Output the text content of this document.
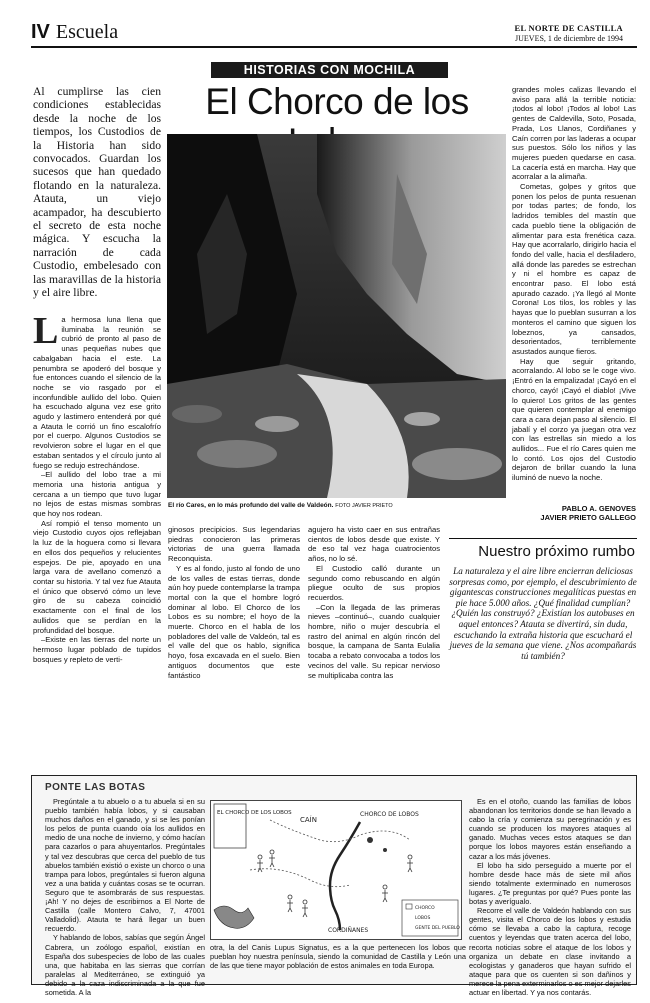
IV Escuela	EL NORTE DE CASTILLA
JUEVES, 1 de diciembre de 1994
HISTORIAS CON MOCHILA
El Chorco de los
Al cumplirse las cien condiciones establecidas desde la noche de los tiempos, los Custodios de la Historia han sido convocados. Guardan los sucesos que han quedado flotando en la naturaleza. Atauta, un viejo acampador, ha descubierto el secreto de esta noche mágica. Y escucha la narración de cada Custodio, embelesado con las maravillas de la historia y el aire libre.

La hermosa luna llena que iluminaba la reunión se cubrió de pronto al paso de unas pequeñas nubes que cabalgaban hacia el este. La penumbra se apoderó del bosque y fue entonces cuando el silencio de la noche se vio rasgado por el inconfundible aullido del lobo. Quien ha escuchado alguna vez ese grito agudo y lastimero entenderá por qué a Atauta le corrió un fino escalofrío por el cuerpo. Algunos Custodios se revolvieron sobre el lugar en el que estaban sentados y el círculo junto al fuego se redujo estrechándose.

–El aullido del lobo trae a mi memoria una historia antigua y cercana a un tiempo que tuvo lugar no lejos de estas mismas sombras que hoy nos rodean.

Así rompió el tenso momento un viejo Custodio cuyos ojos reflejaban la luz de la hoguera como si llevara en ellos dos pequeños y relucientes espejos. De pie, apoyado en una larga vara de avellano comenzó a contar su historia. Y tal vez fue Atauta el único que observó cómo un leve giro de su cabeza coincidió exactamente con el final de los aullidos que se perdían en la profundidad del bosque.

–Existe en las tierras del norte un hermoso lugar poblado de tupidos bosques y repleto de verti-

El río Cares, en lo más profundo del valle de Valdeón. FOTO JAVIER PRIETO

ginosos precipicios. Sus legendarias piedras conocieron las primeras victorias de una guerra llamada Reconquista.

Y es al fondo, justo al fondo de uno de los valles de estas tierras, donde aún hoy puede contemplarse la trampa mortal con la que el hombre logró dominar al lobo. El Chorco de los Lobos es su nombre; el hoyo de la muerte. Chorco en el habla de los pobladores del valle de Valdeón, tal es el valle del que os hablo, significa hoyo, fosa excavada en el suelo. Bien antiguos documentos que este fantástico

agujero ha visto caer en sus entrañas cientos de lobos desde que existe. Y de eso tal vez haga cuatrocientos años, no lo sé.

El Custodio calló durante un segundo como rebuscando en algún pliegue oculto de sus propios recuerdos.

–Con la llegada de las primeras nieves –continuó–, cuando cualquier hombre, niño o mujer descubría el rastro del animal en algún rincón del bosque, la campana de Santa Eulalia tocaba a rebato convocaba a todos los vecinos del valle. Su repicar nervioso se multiplicaba contra las

grandes moles calizas llevando el aviso para allá la terrible noticia: ¡todos al lobo! ¡Todos al lobo! Las gentes de Caldevilla, Soto, Posada, Prada, Los Llanos, Cordiñanes y Caín corren por las laderas a ocupar sus puestos. Sólo los niños y las mujeres pueden quedarse en casa. La cacería está en marcha. Hay que acorralar a la alimaña.

Cometas, golpes y gritos que ponen los pelos de punta resuenan por todas partes; de fondo, los ladridos temibles del mastín que cada pueblo tiene la obligación de alimentar para esta frenética caza. Hay que acorralarlo, dirigirlo hacia el fondo del valle, hacia el desfiladero, allá donde las paredes se estrechan y ni el hombre es capaz de encontrar paso. El lobo está apurado cazado. ¡Ya llegó al Monte Corona! Los tilos, los robles y las hayas que lo pueblan susurran a los monteros el camino que siguen los lobeznos, ya cansados, desorientados, terriblemente asustados aunque fieros.

Hay que seguir gritando, acorralando. Al lobo se le coge vivo. ¡Entró en la empalizada! ¡Cayó en el chorco, cayó! ¡Cayó el diablo! ¡Vive lo quiero! Los gritos de las gentes que quieren contemplar al enemigo cara a cara dejan paso al silencio. El jabalí y el corzo ya juegan otra vez con las estrellas sin miedo a los aullidos... Fue el río Cares quien me lo contó. Los ojos del Custodio dejaron de brillar cuando la luna iluminó de nuevo la noche.

PABLO A. GENOVES
JAVIER PRIETO GALLEGO
Nuestro próximo rumbo
La naturaleza y el aire libre encierran deliciosas sorpresas como, por ejemplo, el descubrimiento de gigantescas construcciones megalíticas puestas en pie hace 5.000 años. ¿Qué finalidad cumplían? ¿Quién las construyó? ¿Existían los autobuses en aquel entonces? Atauta se divertirá, sin duda, escuchando la extraña historia que escuchará el jueves de la semana que viene. ¿Nos acompañarás tú también?
PONTE LAS BOTAS

Pregúntale a tu abuelo o a tu abuela si en su pueblo también había lobos, y si causaban muchos daños en el ganado, y si se les ponían los pelos de punta cuando oía los aullidos en medio de una noche de invierno, y cómo hacían para cazarlos o para ahuyentarlos. Pregúntales y tal vez descubras que cerca del pueblo de tus abuelos también existió o existe un chorco o una trampa para lobos, pregúntales si fueron alguna vez a una batida y cuántas cosas se te ocurran. Seguro que te asombrarás de sus respuestas. ¡Ah! Y no dejes de escribirnos a El Norte de Castilla (calle Montero Calvo, 7, 47001 Valladolid). Atauta te hará llegar un buen recuerdo.

Y hablando de lobos, sabías que según Ángel Cabrera, un zoólogo español, existían en España dos subespecies de lobo de las cuales una, que habitaba en las sierras que corrían paralelas al Mediterráneo, se extinguió ya debido a la caza indiscriminada a la que fue sometida. A la

EL CHORCO DE LOS LOBOS
CAÍN
CHORCO DE LOBOS
CORDIÑANES
CHORCO
LOBOS
GENTE DEL PUEBLO
otra, la del Canis Lupus Signatus, es a la que pertenecen los lobos que pueblan hoy nuestra península, siendo la comunidad de Castilla y León una de las que tiene mayor población de estos animales en toda Europa.

Es en el otoño, cuando las familias de lobos abandonan los territorios donde se han llevado a cabo la cría y comienza su peregrinación y es cuando se producen los mayores ataques al ganado. Muchas veces estos ataques se dan porque los lobos mayores están enseñando a cazar a los más jóvenes.

El lobo ha sido perseguido a muerte por el hombre desde hace más de siete mil años siendo totalmente exterminado en numerosos lugares. ¿Te preguntas por qué? Pues ponte las botas y averígualo.

Recorre el valle de Valdeón hablando con sus gentes, visita el Chorco de los lobos y estudia cómo se llevaba a cabo la captura, recoge cuentos y leyendas que traten acerca del lobo, recorta noticias sobre el ataque de los lobos y organiza un debate en clase invitando a ecologistas y ganaderos que hayan sufrido el ataque para que os cuenten si son dañinos y merece la pena exterminarlos o es mejor dejarles actuar en libertad. Y ya nos contarás.
